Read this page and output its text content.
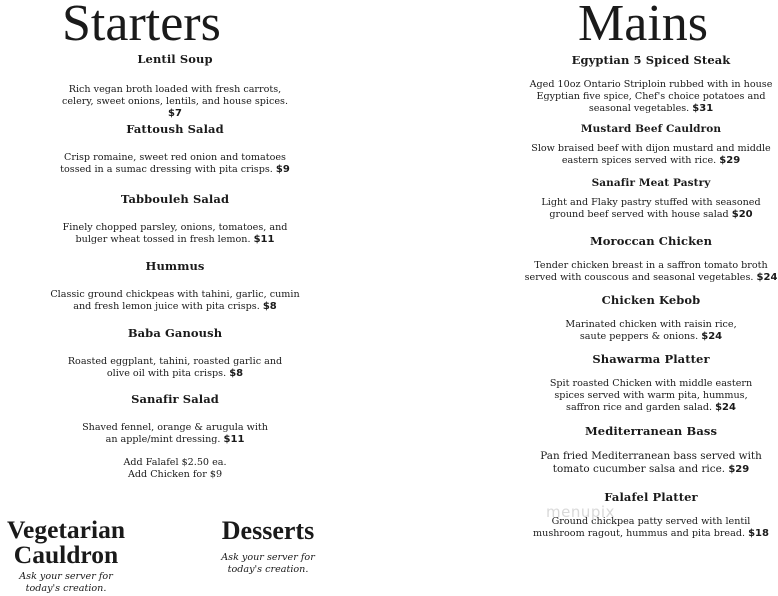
Starters	Mains
Lentil Soup
Rich vegan broth loaded with fresh carrots, celery, sweet onions, lentils, and house spices. $7
Fattoush Salad
Crisp romaine, sweet red onion and tomatoes tossed in a sumac dressing with pita crisps. $9
Tabbouleh Salad
Finely chopped parsley, onions, tomatoes, and bulger wheat tossed in fresh lemon. $11
Hummus
Classic ground chickpeas with tahini, garlic, cumin and fresh lemon juice with pita crisps. $8
Baba Ganoush
Roasted eggplant, tahini, roasted garlic and olive oil with pita crisps. $8
Sanafir Salad
Shaved fennel, orange & arugula with an apple/mint dressing. $11
Add Falafel $2.50 ea.
Add Chicken for $9
Egyptian 5 Spiced Steak
Aged 10oz Ontario Striploin rubbed with in house Egyptian five spice, Chef's choice potatoes and seasonal vegetables. $31
Mustard Beef Cauldron
Slow braised beef with dijon mustard and middle eastern spices served with rice. $29
Sanafir Meat Pastry
Light and Flaky pastry stuffed with seasoned ground beef served with house salad $20
Moroccan Chicken
Tender chicken breast in a saffron tomato broth served with couscous and seasonal vegetables. $24
Chicken Kebob
Marinated chicken with raisin rice, saute peppers & onions. $24
Shawarma Platter
Spit roasted Chicken with middle eastern spices served with warm pita, hummus, saffron rice and garden salad. $24
Mediterranean Bass
Pan fried Mediterranean bass served with tomato cucumber salsa and rice. $29
Falafel Platter
Ground chickpea patty served with lentil mushroom ragout, hummus and pita bread. $18
menupix
Vegetarian
Cauldron
Ask your server for
today's creation.
Desserts
Ask your server for
today's creation.
